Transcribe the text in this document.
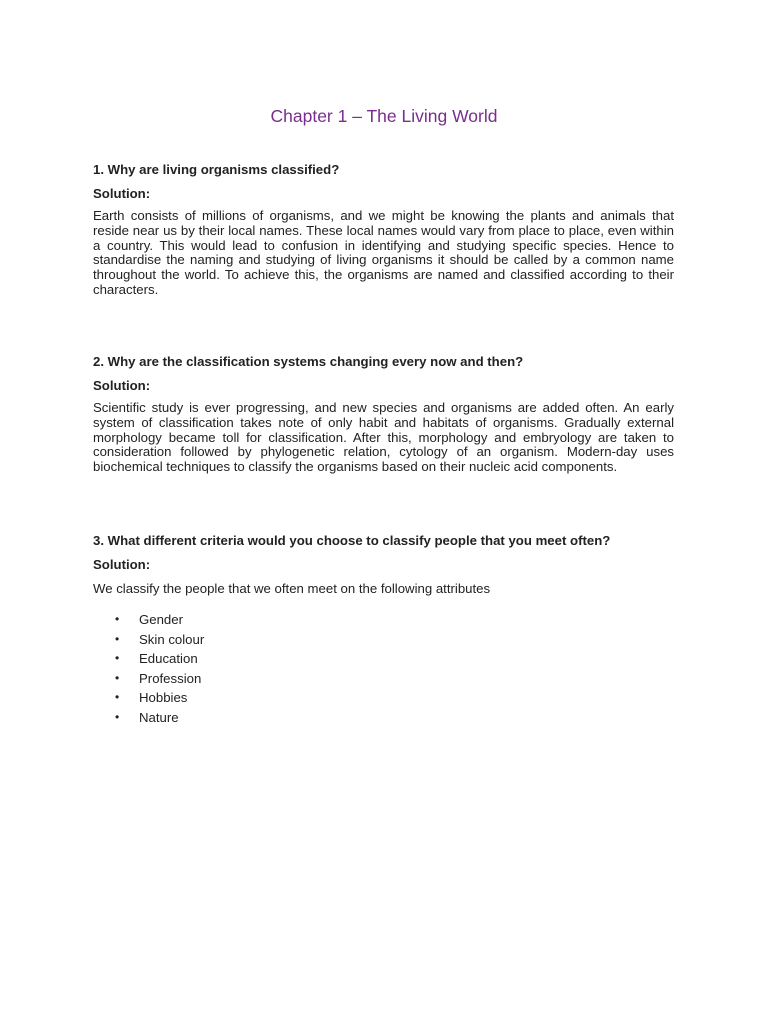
Chapter 1 – The Living World

1. Why are living organisms classified?

Solution:

Earth consists of millions of organisms, and we might be knowing the plants and animals that reside near us by their local names. These local names would vary from place to place, even within a country. This would lead to confusion in identifying and studying specific species. Hence to standardise the naming and studying of living organisms it should be called by a common name throughout the world. To achieve this, the organisms are named and classified according to their characters.

2. Why are the classification systems changing every now and then?

Solution:

Scientific study is ever progressing, and new species and organisms are added often. An early system of classification takes note of only habit and habitats of organisms. Gradually external morphology became toll for classification. After this, morphology and embryology are taken to consideration followed by phylogenetic relation, cytology of an organism. Modern-day uses biochemical techniques to classify the organisms based on their nucleic acid components.

3. What different criteria would you choose to classify people that you meet often?

Solution:

We classify the people that we often meet on the following attributes

• Gender
• Skin colour
• Education
• Profession
• Hobbies
• Nature
